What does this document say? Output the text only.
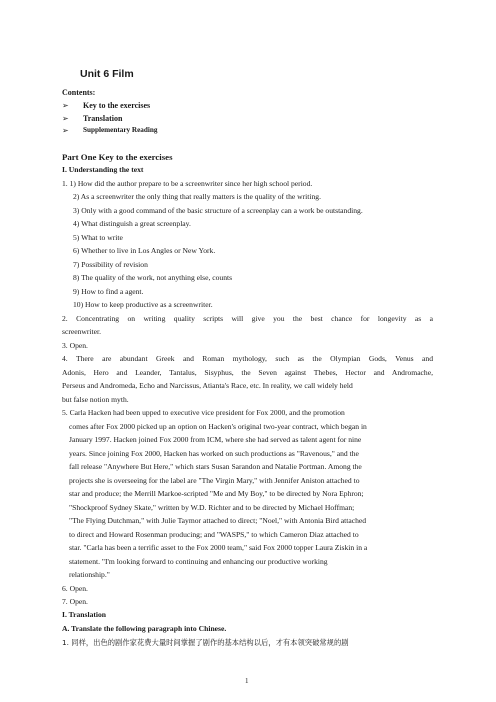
Unit 6 Film
Contents:
➢ Key to the exercises
➢ Translation
➢ Supplementary Reading
Part One Key to the exercises
I. Understanding the text
1. 1) How did the author prepare to be a screenwriter since her high school period.
2) As a screenwriter the only thing that really matters is the quality of the writing.
3) Only with a good command of the basic structure of a screenplay can a work be outstanding.
4) What distinguish a great screenplay.
5) What to write
6) Whether to live in Los Angles or New York.
7) Possibility of revision
8) The quality of the work, not anything else, counts
9) How to find a agent.
10) How to keep productive as a screenwriter.
2. Concentrating on writing quality scripts will give you the best chance for longevity as a
screenwriter.
3. Open.
4. There are abundant Greek and Roman mythology, such as the Olympian Gods, Venus and
Adonis, Hero and Leander, Tantalus, Sisyphus, the Seven against Thebes, Hector and Andromache,
Perseus and Andromeda, Echo and Narcissus, Atianta's Race, etc. In reality, we call widely held
but false notion myth.
5. Carla Hacken had been upped to executive vice president for Fox 2000, and the promotion
comes after Fox 2000 picked up an option on Hacken's original two-year contract, which began in
January 1997. Hacken joined Fox 2000 from ICM, where she had served as talent agent for nine
years. Since joining Fox 2000, Hacken has worked on such productions as "Ravenous," and the
fall release "Anywhere But Here," which stars Susan Sarandon and Natalie Portman. Among the
projects she is overseeing for the label are "The Virgin Mary," with Jennifer Aniston attached to
star and produce; the Merrill Markoe-scripted "Me and My Boy," to be directed by Nora Ephron;
"Shockproof Sydney Skate," written by W.D. Richter and to be directed by Michael Hoffman;
"The Flying Dutchman," with Julie Taymor attached to direct; "Noel," with Antonia Bird attached
to direct and Howard Rosenman producing; and "WASPS," to which Cameron Diaz attached to
star. "Carla has been a terrific asset to the Fox 2000 team," said Fox 2000 topper Laura Ziskin in a
statement. "I'm looking forward to continuing and enhancing our productive working
relationship."
6. Open.
7. Open.
I. Translation
A. Translate the following paragraph into Chinese.
1. 同样，出色的剧作家花费大量时间掌握了剧作的基本结构以后，才有本领突破常规的剧
1
